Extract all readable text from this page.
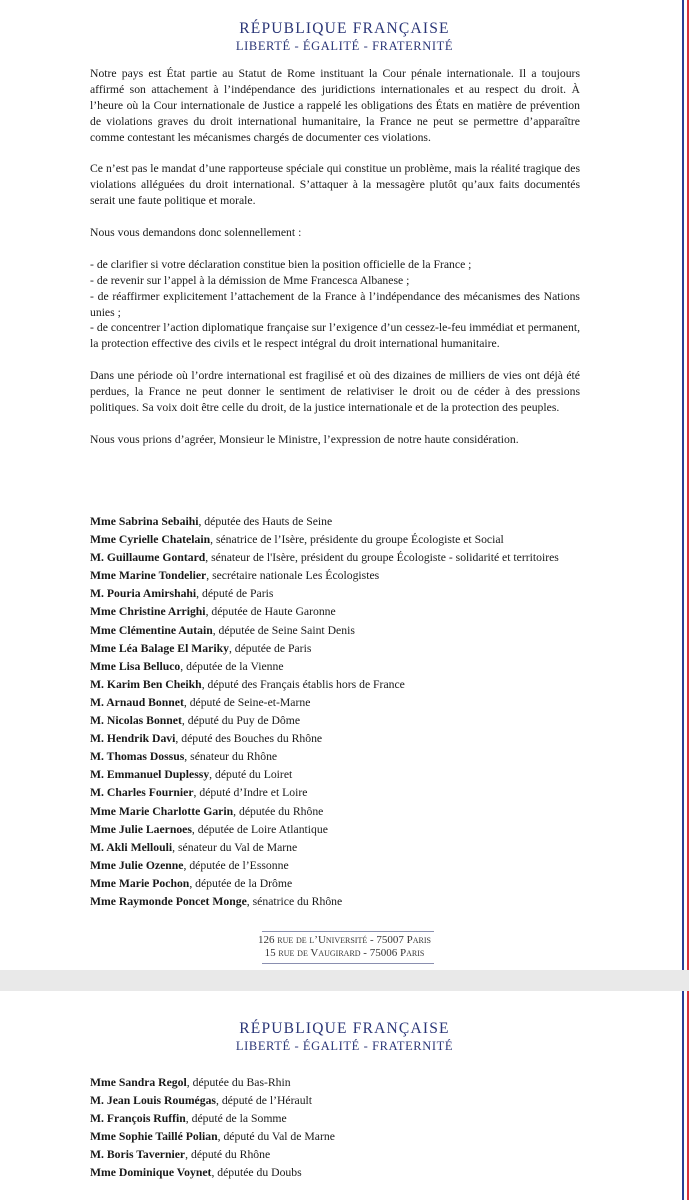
RÉPUBLIQUE FRANÇAISE
LIBERTÉ - ÉGALITÉ - FRATERNITÉ

Notre pays est État partie au Statut de Rome instituant la Cour pénale internationale. Il a toujours affirmé son attachement à l’indépendance des juridictions internationales et au respect du droit. À l’heure où la Cour internationale de Justice a rappelé les obligations des États en matière de prévention de violations graves du droit international humanitaire, la France ne peut se permettre d’apparaître comme contestant les mécanismes chargés de documenter ces violations.

Ce n’est pas le mandat d’une rapporteuse spéciale qui constitue un problème, mais la réalité tragique des violations alléguées du droit international. S’attaquer à la messagère plutôt qu’aux faits documentés serait une faute politique et morale.

Nous vous demandons donc solennellement :

- de clarifier si votre déclaration constitue bien la position officielle de la France ;
- de revenir sur l’appel à la démission de Mme Francesca Albanese ;
- de réaffirmer explicitement l’attachement de la France à l’indépendance des mécanismes des Nations unies ;
- de concentrer l’action diplomatique française sur l’exigence d’un cessez-le-feu immédiat et permanent, la protection effective des civils et le respect intégral du droit international humanitaire.

Dans une période où l’ordre international est fragilisé et où des dizaines de milliers de vies ont déjà été perdues, la France ne peut donner le sentiment de relativiser le droit ou de céder à des pressions politiques. Sa voix doit être celle du droit, de la justice internationale et de la protection des peuples.

Nous vous prions d’agréer, Monsieur le Ministre, l’expression de notre haute considération.

Mme Sabrina Sebaihi, députée des Hauts de Seine
Mme Cyrielle Chatelain, sénatrice de l’Isère, présidente du groupe Écologiste et Social
M. Guillaume Gontard, sénateur de l'Isère, président du groupe Écologiste - solidarité et territoires
Mme Marine Tondelier, secrétaire nationale Les Écologistes
M. Pouria Amirshahi, député de Paris
Mme Christine Arrighi, députée de Haute Garonne
Mme Clémentine Autain, députée de Seine Saint Denis
Mme Léa Balage El Mariky, députée de Paris
Mme Lisa Belluco, députée de la Vienne
M. Karim Ben Cheikh, député des Français établis hors de France
M. Arnaud Bonnet, député de Seine-et-Marne
M. Nicolas Bonnet, député du Puy de Dôme
M. Hendrik Davi, député des Bouches du Rhône
M. Thomas Dossus, sénateur du Rhône
M. Emmanuel Duplessy, député du Loiret
M. Charles Fournier, député d’Indre et Loire
Mme Marie Charlotte Garin, députée du Rhône
Mme Julie Laernoes, députée de Loire Atlantique
M. Akli Mellouli, sénateur du Val de Marne
Mme Julie Ozenne, députée de l’Essonne
Mme Marie Pochon, députée de la Drôme
Mme Raymonde Poncet Monge, sénatrice du Rhône
126 rue de l’Université - 75007 Paris
15 rue de Vaugirard - 75006 Paris
RÉPUBLIQUE FRANÇAISE
LIBERTÉ - ÉGALITÉ - FRATERNITÉ
Mme Sandra Regol, députée du Bas-Rhin
M. Jean Louis Roumégas, député de l’Hérault
M. François Ruffin, député de la Somme
Mme Sophie Taillé Polian, député du Val de Marne
M. Boris Tavernier, député du Rhône
Mme Dominique Voynet, députée du Doubs
